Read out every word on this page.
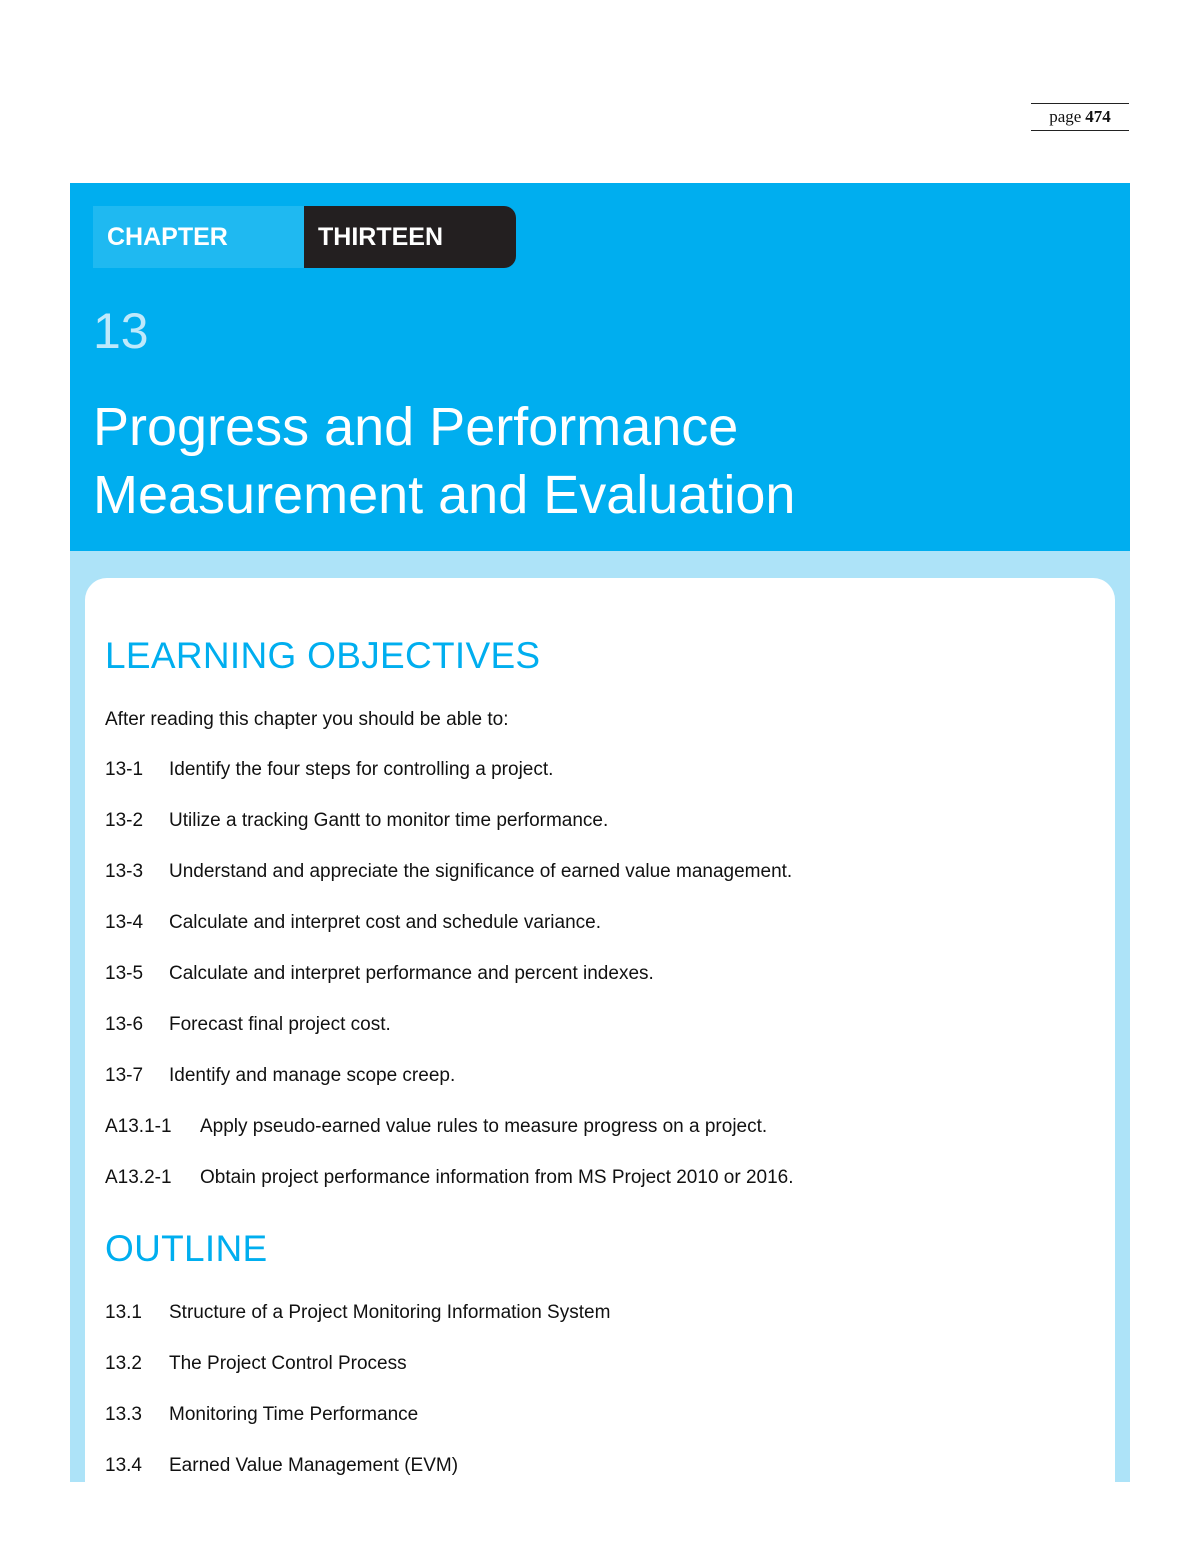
page 474
CHAPTER	THIRTEEN
13
Progress and Performance
Measurement and Evaluation
LEARNING OBJECTIVES
After reading this chapter you should be able to:
13-1	Identify the four steps for controlling a project.
13-2	Utilize a tracking Gantt to monitor time performance.
13-3	Understand and appreciate the significance of earned value management.
13-4	Calculate and interpret cost and schedule variance.
13-5	Calculate and interpret performance and percent indexes.
13-6	Forecast final project cost.
13-7	Identify and manage scope creep.
A13.1-1	Apply pseudo-earned value rules to measure progress on a project.
A13.2-1	Obtain project performance information from MS Project 2010 or 2016.
OUTLINE
13.1	Structure of a Project Monitoring Information System
13.2	The Project Control Process
13.3	Monitoring Time Performance
13.4	Earned Value Management (EVM)
